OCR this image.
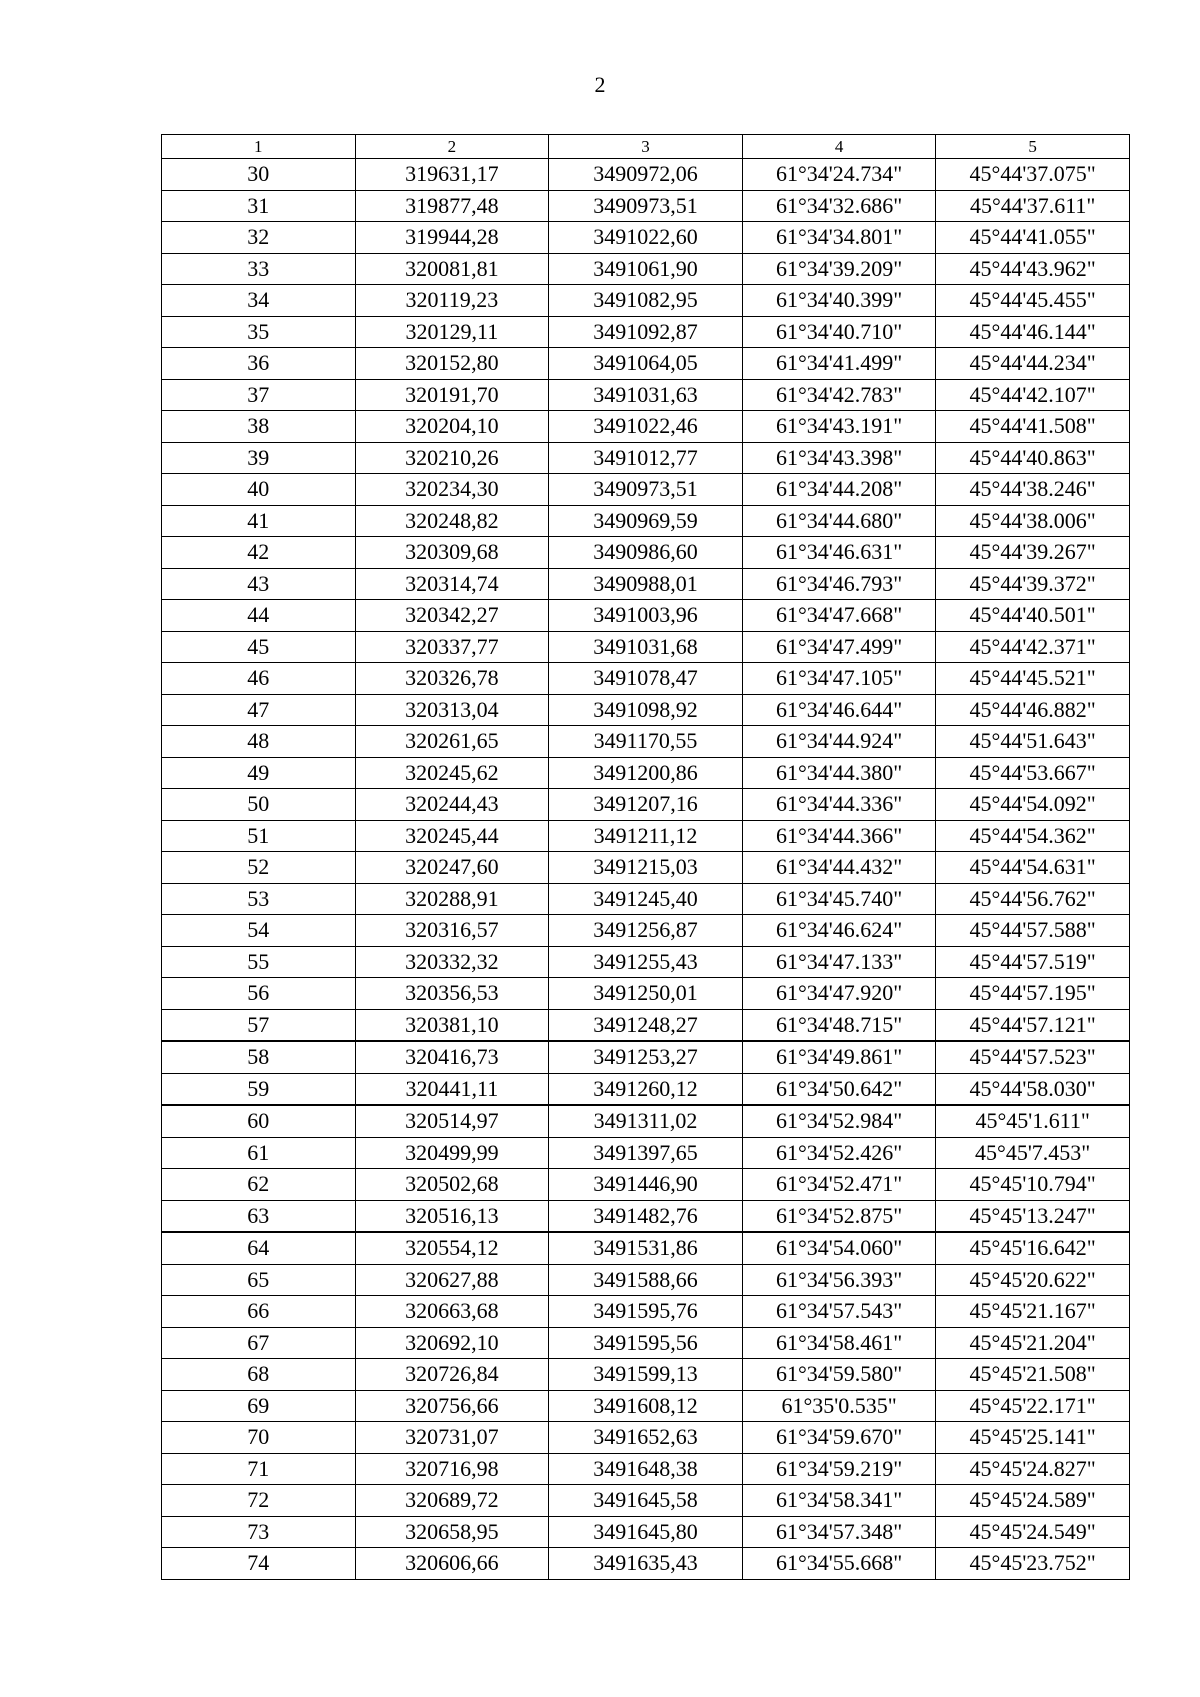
2
1	2	3	4	5
30	319631,17	3490972,06	61°34'24.734"	45°44'37.075"
31	319877,48	3490973,51	61°34'32.686"	45°44'37.611"
32	319944,28	3491022,60	61°34'34.801"	45°44'41.055"
33	320081,81	3491061,90	61°34'39.209"	45°44'43.962"
34	320119,23	3491082,95	61°34'40.399"	45°44'45.455"
35	320129,11	3491092,87	61°34'40.710"	45°44'46.144"
36	320152,80	3491064,05	61°34'41.499"	45°44'44.234"
37	320191,70	3491031,63	61°34'42.783"	45°44'42.107"
38	320204,10	3491022,46	61°34'43.191"	45°44'41.508"
39	320210,26	3491012,77	61°34'43.398"	45°44'40.863"
40	320234,30	3490973,51	61°34'44.208"	45°44'38.246"
41	320248,82	3490969,59	61°34'44.680"	45°44'38.006"
42	320309,68	3490986,60	61°34'46.631"	45°44'39.267"
43	320314,74	3490988,01	61°34'46.793"	45°44'39.372"
44	320342,27	3491003,96	61°34'47.668"	45°44'40.501"
45	320337,77	3491031,68	61°34'47.499"	45°44'42.371"
46	320326,78	3491078,47	61°34'47.105"	45°44'45.521"
47	320313,04	3491098,92	61°34'46.644"	45°44'46.882"
48	320261,65	3491170,55	61°34'44.924"	45°44'51.643"
49	320245,62	3491200,86	61°34'44.380"	45°44'53.667"
50	320244,43	3491207,16	61°34'44.336"	45°44'54.092"
51	320245,44	3491211,12	61°34'44.366"	45°44'54.362"
52	320247,60	3491215,03	61°34'44.432"	45°44'54.631"
53	320288,91	3491245,40	61°34'45.740"	45°44'56.762"
54	320316,57	3491256,87	61°34'46.624"	45°44'57.588"
55	320332,32	3491255,43	61°34'47.133"	45°44'57.519"
56	320356,53	3491250,01	61°34'47.920"	45°44'57.195"
57	320381,10	3491248,27	61°34'48.715"	45°44'57.121"
58	320416,73	3491253,27	61°34'49.861"	45°44'57.523"
59	320441,11	3491260,12	61°34'50.642"	45°44'58.030"
60	320514,97	3491311,02	61°34'52.984"	45°45'1.611"
61	320499,99	3491397,65	61°34'52.426"	45°45'7.453"
62	320502,68	3491446,90	61°34'52.471"	45°45'10.794"
63	320516,13	3491482,76	61°34'52.875"	45°45'13.247"
64	320554,12	3491531,86	61°34'54.060"	45°45'16.642"
65	320627,88	3491588,66	61°34'56.393"	45°45'20.622"
66	320663,68	3491595,76	61°34'57.543"	45°45'21.167"
67	320692,10	3491595,56	61°34'58.461"	45°45'21.204"
68	320726,84	3491599,13	61°34'59.580"	45°45'21.508"
69	320756,66	3491608,12	61°35'0.535"	45°45'22.171"
70	320731,07	3491652,63	61°34'59.670"	45°45'25.141"
71	320716,98	3491648,38	61°34'59.219"	45°45'24.827"
72	320689,72	3491645,58	61°34'58.341"	45°45'24.589"
73	320658,95	3491645,80	61°34'57.348"	45°45'24.549"
74	320606,66	3491635,43	61°34'55.668"	45°45'23.752"
